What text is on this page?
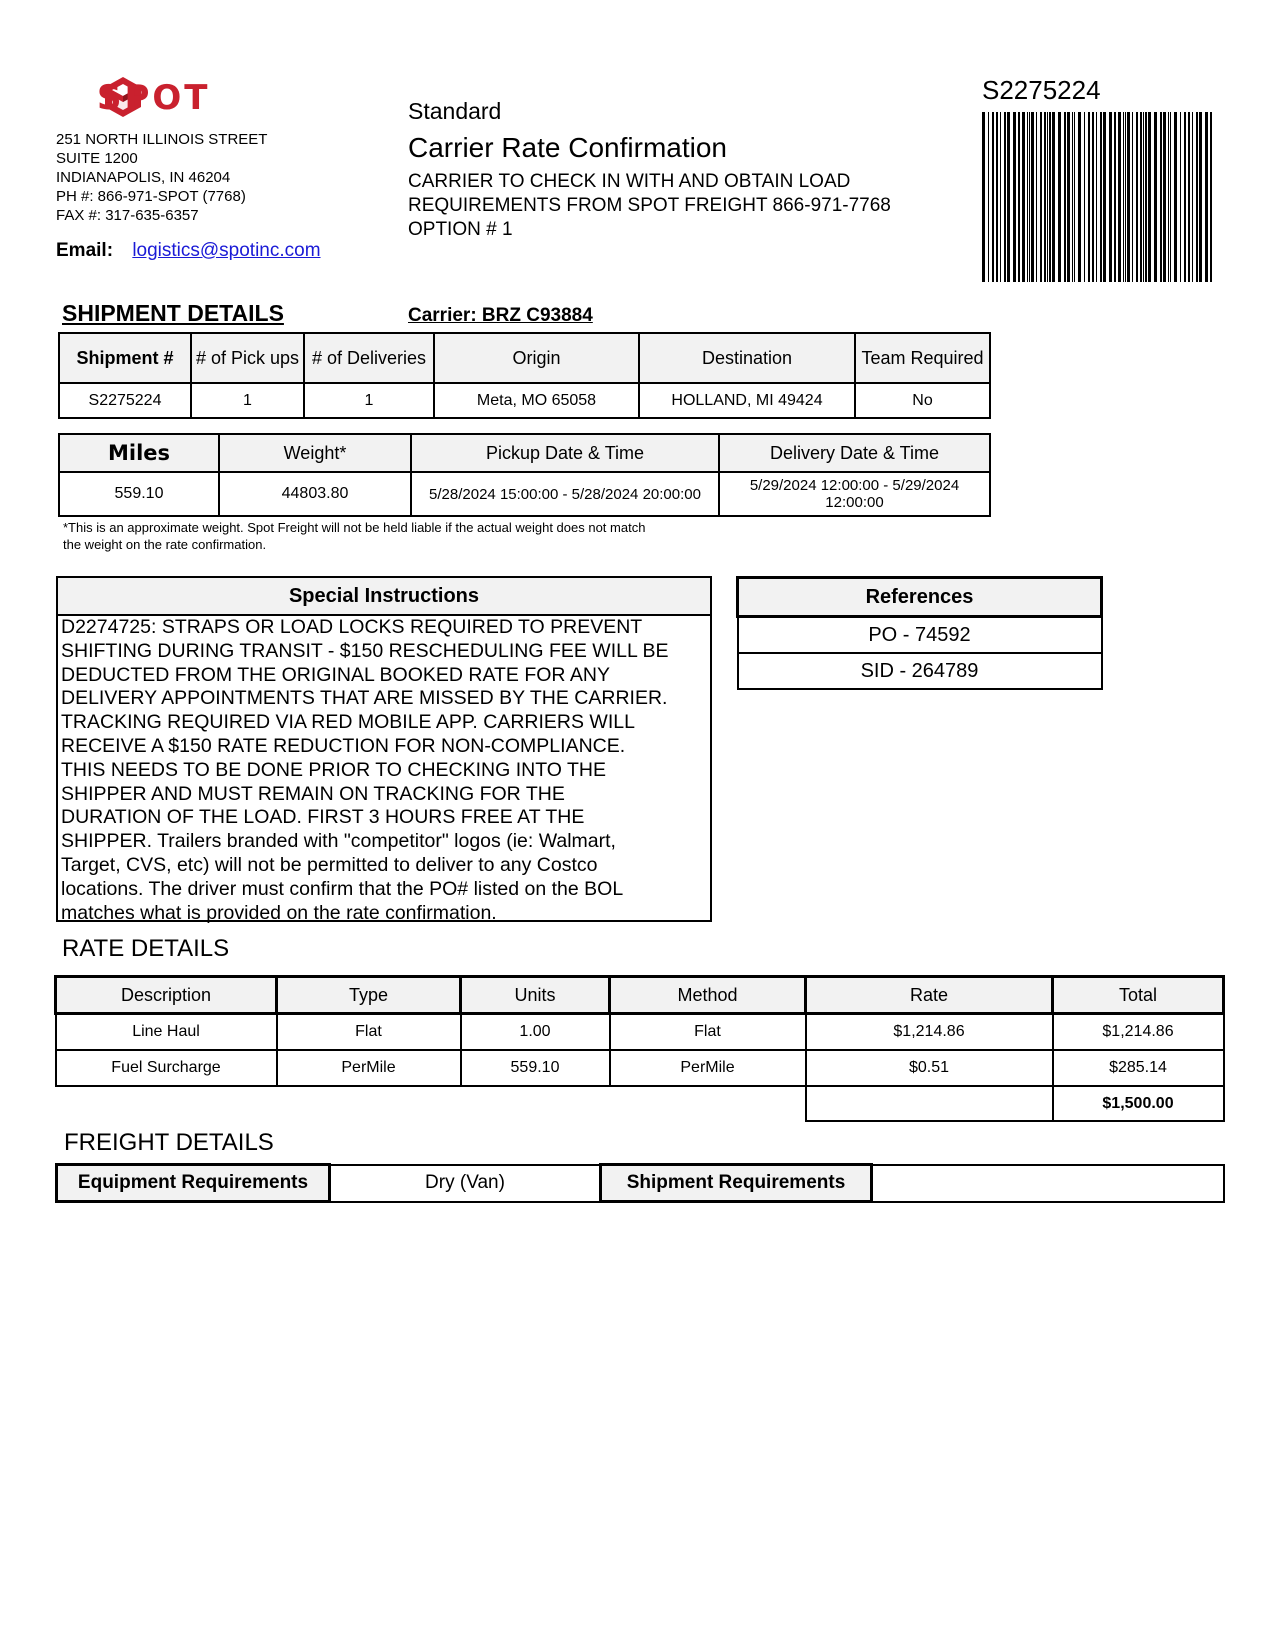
SPOT
251 NORTH ILLINOIS STREET
SUITE 1200
INDIANAPOLIS, IN 46204
PH #: 866-971-SPOT (7768)
FAX #: 317-635-6357
Email: logistics@spotinc.com
Standard
Carrier Rate Confirmation
CARRIER TO CHECK IN WITH AND OBTAIN LOAD
REQUIREMENTS FROM SPOT FREIGHT 866-971-7768
OPTION # 1
S2275224
SHIPMENT DETAILS	Carrier: BRZ C93884
Shipment #	# of Pick ups	# of Deliveries	Origin	Destination	Team Required
S2275224	1	1	Meta, MO 65058	HOLLAND, MI 49424	No
Miles	Weight*	Pickup Date & Time	Delivery Date & Time
559.10	44803.80	5/28/2024 15:00:00 - 5/28/2024 20:00:00	5/29/2024 12:00:00 - 5/29/2024 12:00:00
*This is an approximate weight. Spot Freight will not be held liable if the actual weight does not match the weight on the rate confirmation.
Special Instructions
D2274725: STRAPS OR LOAD LOCKS REQUIRED TO PREVENT
SHIFTING DURING TRANSIT - $150 RESCHEDULING FEE WILL BE
DEDUCTED FROM THE ORIGINAL BOOKED RATE FOR ANY
DELIVERY APPOINTMENTS THAT ARE MISSED BY THE CARRIER.
TRACKING REQUIRED VIA RED MOBILE APP. CARRIERS WILL
RECEIVE A $150 RATE REDUCTION FOR NON-COMPLIANCE.
THIS NEEDS TO BE DONE PRIOR TO CHECKING INTO THE
SHIPPER AND MUST REMAIN ON TRACKING FOR THE
DURATION OF THE LOAD. FIRST 3 HOURS FREE AT THE
SHIPPER. Trailers branded with "competitor" logos (ie: Walmart,
Target, CVS, etc) will not be permitted to deliver to any Costco
locations. The driver must confirm that the PO# listed on the BOL
matches what is provided on the rate confirmation.
References
PO - 74592
SID - 264789
RATE DETAILS
Description	Type	Units	Method	Rate	Total
Line Haul	Flat	1.00	Flat	$1,214.86	$1,214.86
Fuel Surcharge	PerMile	559.10	PerMile	$0.51	$285.14
					$1,500.00
FREIGHT DETAILS
Equipment Requirements	Dry (Van)	Shipment Requirements	
